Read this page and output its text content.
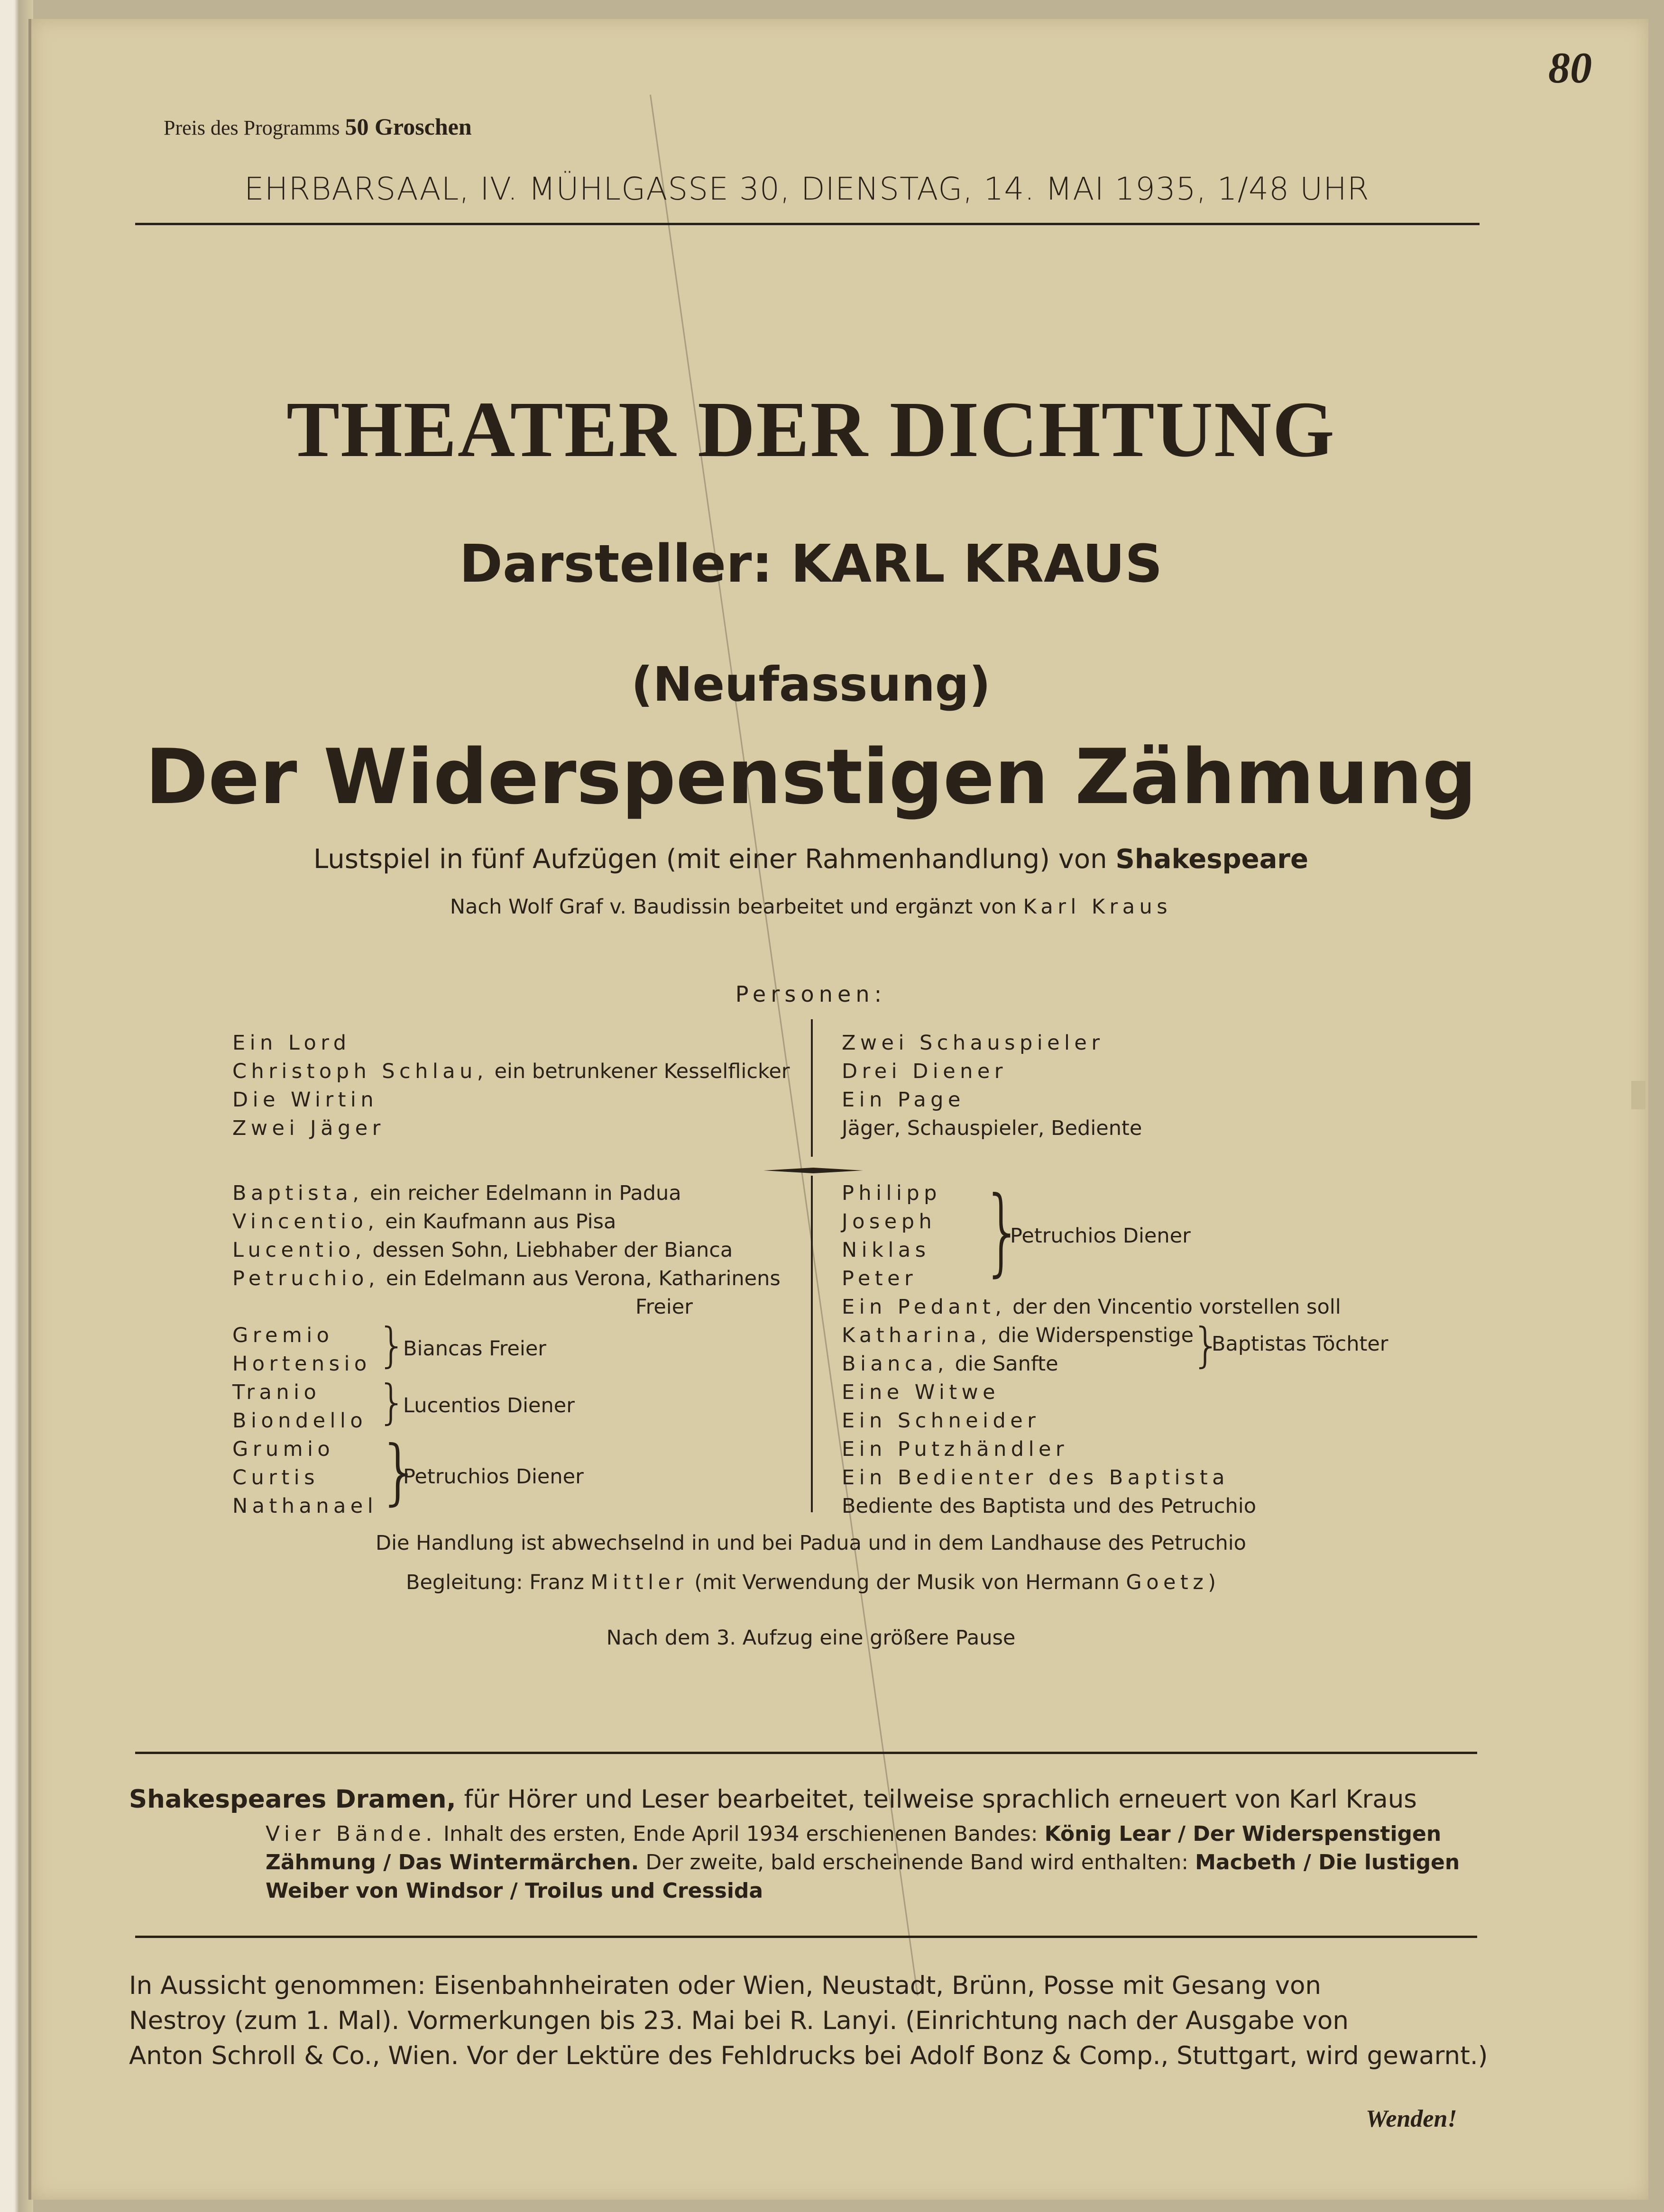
80
Preis des Programms 50 Groschen
EHRBARSAAL, IV. MÜHLGASSE 30, DIENSTAG, 14. MAI 1935, 1/48 UHR
THEATER DER DICHTUNG
Darsteller: KARL KRAUS
(Neufassung)
Der Widerspenstigen Zähmung
Lustspiel in fünf Aufzügen (mit einer Rahmenhandlung) von Shakespeare
Nach Wolf Graf v. Baudissin bearbeitet und ergänzt von Karl Kraus
Personen:
Ein Lord
Christoph Schlau, ein betrunkener Kesselflicker
Die Wirtin
Zwei Jäger
Zwei Schauspieler
Drei Diener
Ein Page
Jäger, Schauspieler, Bediente
Baptista, ein reicher Edelmann in Padua
Vincentio, ein Kaufmann aus Pisa
Lucentio, dessen Sohn, Liebhaber der Bianca
Petruchio, ein Edelmann aus Verona, Katharinens
Freier
Gremio
Hortensio
Tranio
Biondello
Grumio
Curtis
Nathanael
}
}
}
Biancas Freier
Lucentios Diener
Petruchios Diener
Philipp
Joseph
Niklas
Peter }
Petruchios Diener
Ein Pedant, der den Vincentio vorstellen soll
Katharina, die Widerspenstige
Bianca, die Sanfte
Eine Witwe
Ein Schneider
Ein Putzhändler
Ein Bedienter des Baptista
Bediente des Baptista und des Petruchio
}
Baptistas Töchter
Die Handlung ist abwechselnd in und bei Padua und in dem Landhause des Petruchio
Begleitung: Franz Mittler (mit Verwendung der Musik von Hermann Goetz)
Nach dem 3. Aufzug eine größere Pause
Shakespeares Dramen, für Hörer und Leser bearbeitet, teilweise sprachlich erneuert von Karl Kraus
Vier Bände. Inhalt des ersten, Ende April 1934 erschienenen Bandes: König Lear / Der Widerspenstigen
Zähmung / Das Wintermärchen. Der zweite, bald erscheinende Band wird enthalten: Macbeth / Die lustigen
Weiber von Windsor / Troilus und Cressida
In Aussicht genommen: Eisenbahnheiraten oder Wien, Neustadt, Brünn, Posse mit Gesang von
Nestroy (zum 1. Mal). Vormerkungen bis 23. Mai bei R. Lanyi. (Einrichtung nach der Ausgabe von
Anton Schroll & Co., Wien. Vor der Lektüre des Fehldrucks bei Adolf Bonz & Comp., Stuttgart, wird gewarnt.)
Wenden!
